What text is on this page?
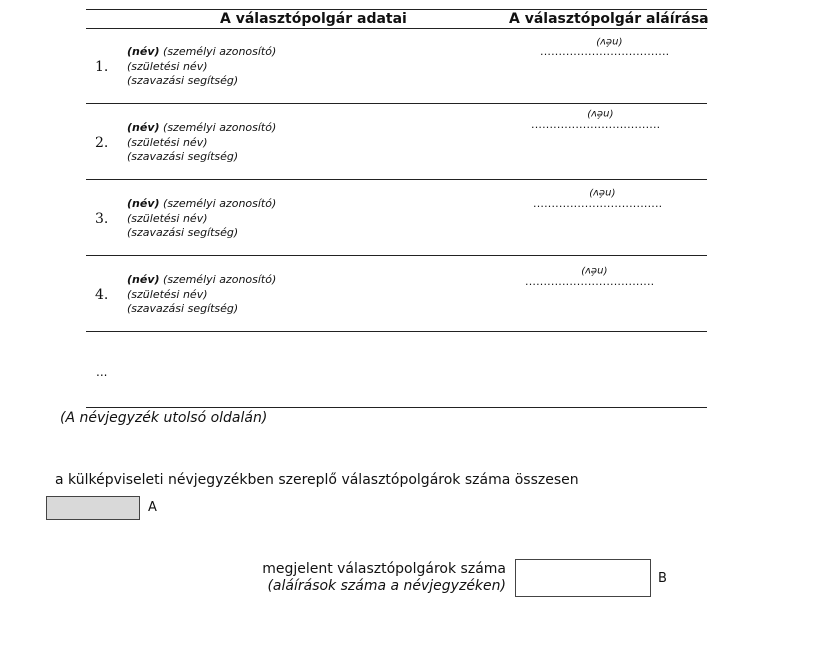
A választópolgár adatai	A választópolgár aláírása
1.
(név) (személyi azonosító)
(születési név)
(szavazási segítség)
(név)
...................................
2.
(név) (személyi azonosító)
(születési név)
(szavazási segítség)
(név)
...................................
3.
(név) (személyi azonosító)
(születési név)
(szavazási segítség)
(név)
...................................
4.
(név) (személyi azonosító)
(születési név)
(szavazási segítség)
(név)
...................................
...
(A névjegyzék utolsó oldalán)
a külképviseleti névjegyzékben szereplő választópolgárok száma összesen
A
megjelent választópolgárok száma
(aláírások száma a névjegyzéken)	B
